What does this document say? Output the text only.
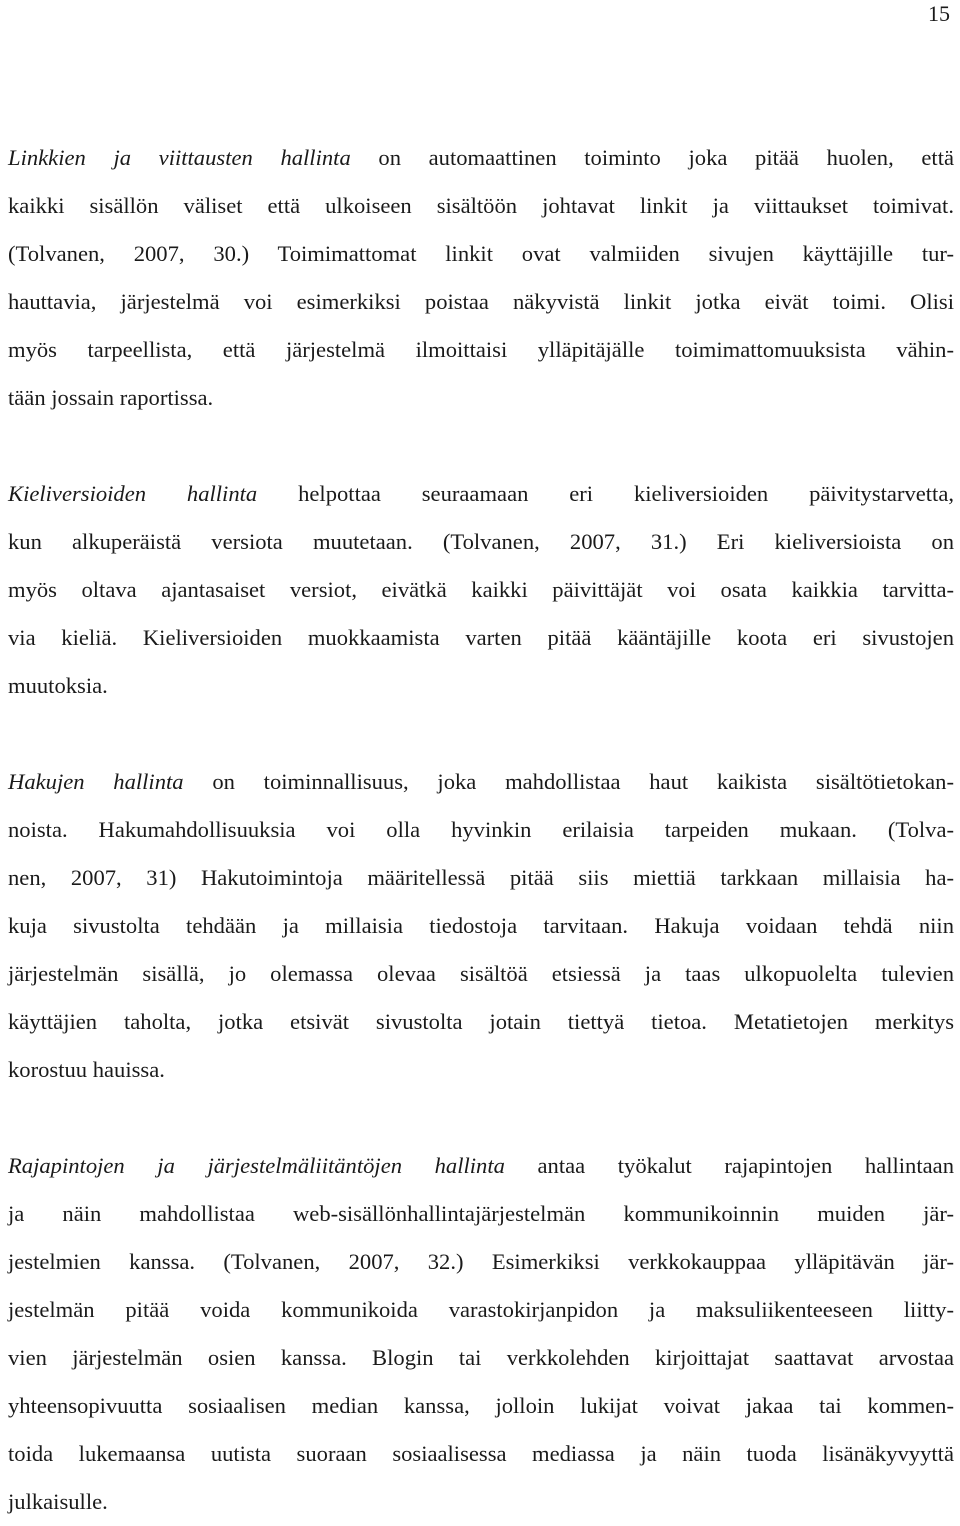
15

Linkkien ja viittausten hallinta on automaattinen toiminto joka pitää huolen, että
kaikki sisällön väliset että ulkoiseen sisältöön johtavat linkit ja viittaukset toimivat.
(Tolvanen, 2007, 30.) Toimimattomat linkit ovat valmiiden sivujen käyttäjille tur-
hauttavia, järjestelmä voi esimerkiksi poistaa näkyvistä linkit jotka eivät toimi. Olisi
myös tarpeellista, että järjestelmä ilmoittaisi ylläpitäjälle toimimattomuuksista vähin-
tään jossain raportissa.

Kieliversioiden hallinta helpottaa seuraamaan eri kieliversioiden päivitystarvetta,
kun alkuperäistä versiota muutetaan. (Tolvanen, 2007, 31.) Eri kieliversioista on
myös oltava ajantasaiset versiot, eivätkä kaikki päivittäjät voi osata kaikkia tarvitta-
via kieliä. Kieliversioiden muokkaamista varten pitää kääntäjille koota eri sivustojen
muutoksia.

Hakujen hallinta on toiminnallisuus, joka mahdollistaa haut kaikista sisältötietokan-
noista. Hakumahdollisuuksia voi olla hyvinkin erilaisia tarpeiden mukaan. (Tolva-
nen, 2007, 31) Hakutoimintoja määritellessä pitää siis miettiä tarkkaan millaisia ha-
kuja sivustolta tehdään ja millaisia tiedostoja tarvitaan. Hakuja voidaan tehdä niin
järjestelmän sisällä, jo olemassa olevaa sisältöä etsiessä ja taas ulkopuolelta tulevien
käyttäjien taholta, jotka etsivät sivustolta jotain tiettyä tietoa. Metatietojen merkitys
korostuu hauissa.

Rajapintojen ja järjestelmäliitäntöjen hallinta antaa työkalut rajapintojen hallintaan
ja näin mahdollistaa web-sisällönhallintajärjestelmän kommunikoinnin muiden jär-
jestelmien kanssa. (Tolvanen, 2007, 32.) Esimerkiksi verkkokauppaa ylläpitävän jär-
jestelmän pitää voida kommunikoida varastokirjanpidon ja maksuliikenteeseen liitty-
vien järjestelmän osien kanssa. Blogin tai verkkolehden kirjoittajat saattavat arvostaa
yhteensopivuutta sosiaalisen median kanssa, jolloin lukijat voivat jakaa tai kommen-
toida lukemaansa uutista suoraan sosiaalisessa mediassa ja näin tuoda lisänäkyvyyttä
julkaisulle.
